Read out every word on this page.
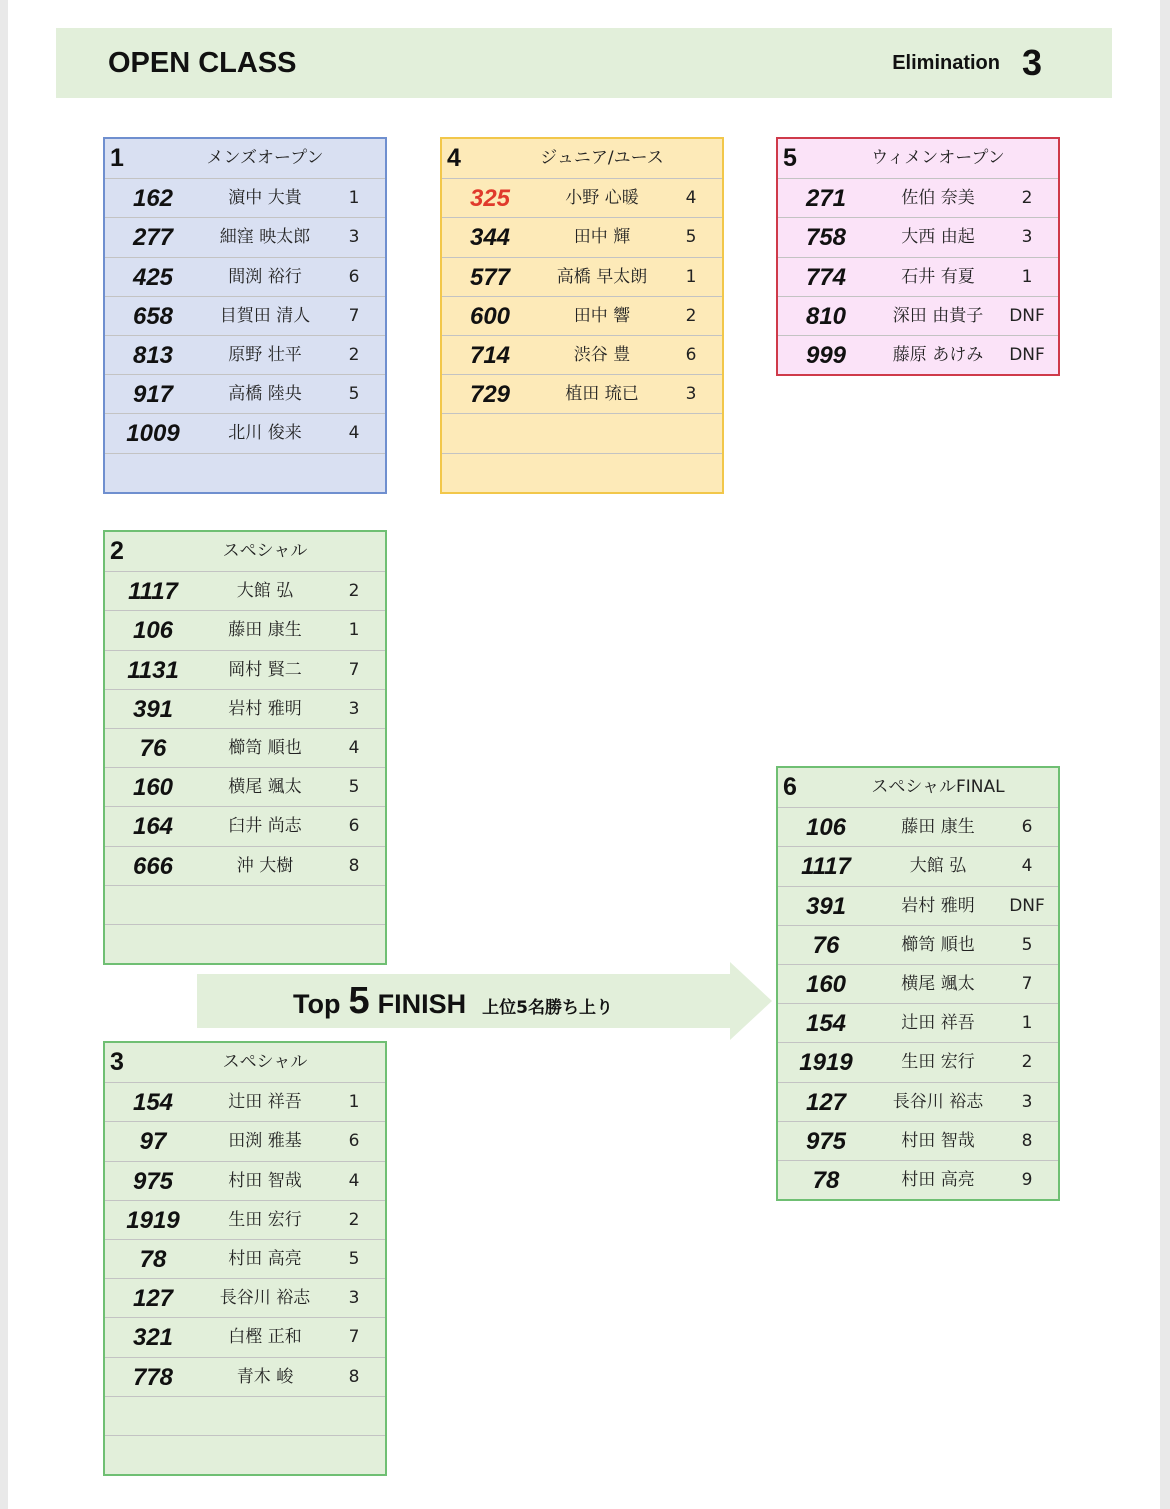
OPEN CLASS	Elimination 3
1	メンズオープン
162	濵中 大貴	1
277	細窪 映太郎	3
425	間渕 裕行	6
658	目賀田 清人	7
813	原野 壮平	2
917	高橋 陸央	5
1009	北川 俊来	4
4	ジュニア/ユース
325	小野 心暖	4
344	田中 輝	5
577	高橋 早太朗	1
600	田中 響	2
714	渋谷 豊	6
729	植田 琉已	3
5	ウィメンオープン
271	佐伯 奈美	2
758	大西 由起	3
774	石井 有夏	1
810	深田 由貴子	DNF
999	藤原 あけみ	DNF
2	スペシャル
1117	大館 弘	2
106	藤田 康生	1
1131	岡村 賢二	7
391	岩村 雅明	3
76	櫛笥 順也	4
160	横尾 颯太	5
164	臼井 尚志	6
666	沖 大樹	8
Top 5 FINISH 上位5名勝ち上り
3	スペシャル
154	辻田 祥吾	1
97	田渕 雅基	6
975	村田 智哉	4
1919	生田 宏行	2
78	村田 高亮	5
127	長谷川 裕志	3
321	白樫 正和	7
778	青木 峻	8
6	スペシャルFINAL
106	藤田 康生	6
1117	大館 弘	4
391	岩村 雅明	DNF
76	櫛笥 順也	5
160	横尾 颯太	7
154	辻田 祥吾	1
1919	生田 宏行	2
127	長谷川 裕志	3
975	村田 智哉	8
78	村田 高亮	9
